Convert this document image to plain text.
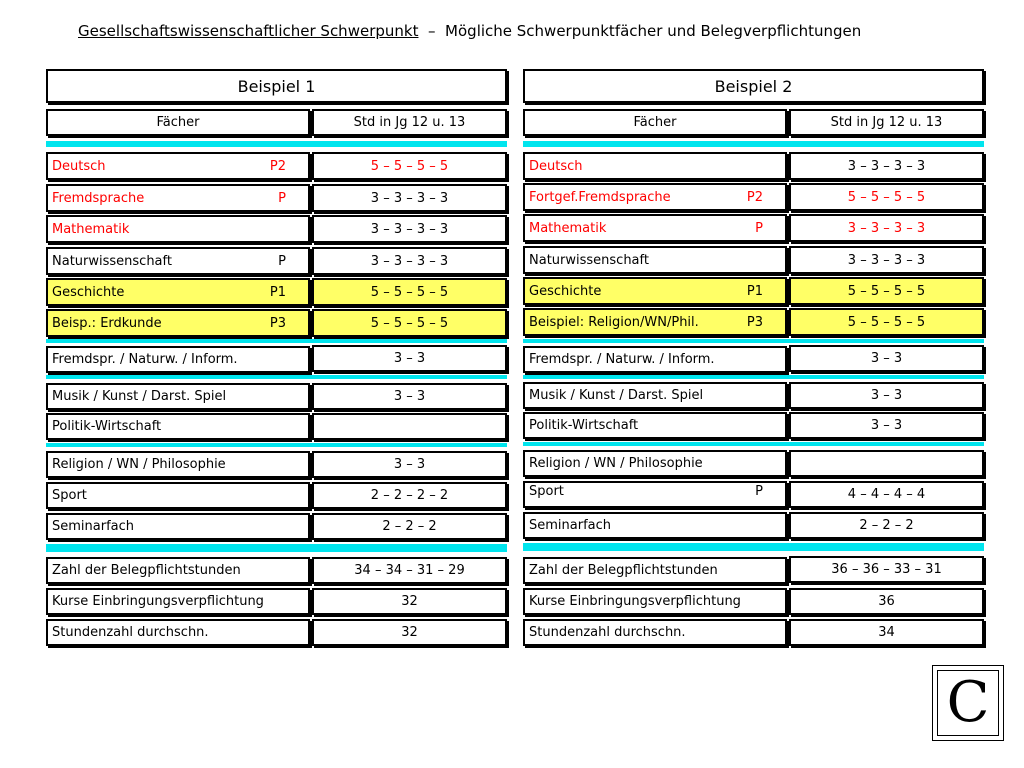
Gesellschaftswissenschaftlicher Schwerpunkt  –  Mögliche Schwerpunktfächer und Belegverpflichtungen
Beispiel 1
Fächer	Std in Jg 12 u. 13
Deutsch	P2	5 – 5 – 5 – 5
Fremdsprache	P	3 – 3 – 3 – 3
Mathematik	3 – 3 – 3 – 3
Naturwissenschaft	P	3 – 3 – 3 – 3
Geschichte	P1	5 – 5 – 5 – 5
Beisp.: Erdkunde	P3	5 – 5 – 5 – 5
Fremdspr. / Naturw. / Inform.	3 – 3
Musik / Kunst / Darst. Spiel	3 – 3
Politik-Wirtschaft
Religion / WN / Philosophie	3 – 3
Sport	2 – 2 – 2 – 2
Seminarfach	2 – 2 – 2
Zahl der Belegpflichtstunden	34 – 34 – 31 – 29
Kurse Einbringungsverpflichtung	32
Stundenzahl durchschn.	32
Beispiel 2
Fächer	Std in Jg 12 u. 13
Deutsch	3 – 3 – 3 – 3
Fortgef.Fremdsprache	P2	5 – 5 – 5 – 5
Mathematik	P	3 – 3 – 3 – 3
Naturwissenschaft	3 – 3 – 3 – 3
Geschichte	P1	5 – 5 – 5 – 5
Beispiel: Religion/WN/Phil.	P3	5 – 5 – 5 – 5
Fremdspr. / Naturw. / Inform.	3 – 3
Musik / Kunst / Darst. Spiel	3 – 3
Politik-Wirtschaft	3 – 3
Religion / WN / Philosophie
Sport	P	4 – 4 – 4 – 4
Seminarfach	2 – 2 – 2
Zahl der Belegpflichtstunden	36 – 36 – 33 – 31
Kurse Einbringungsverpflichtung	36
Stundenzahl durchschn.	34
C
